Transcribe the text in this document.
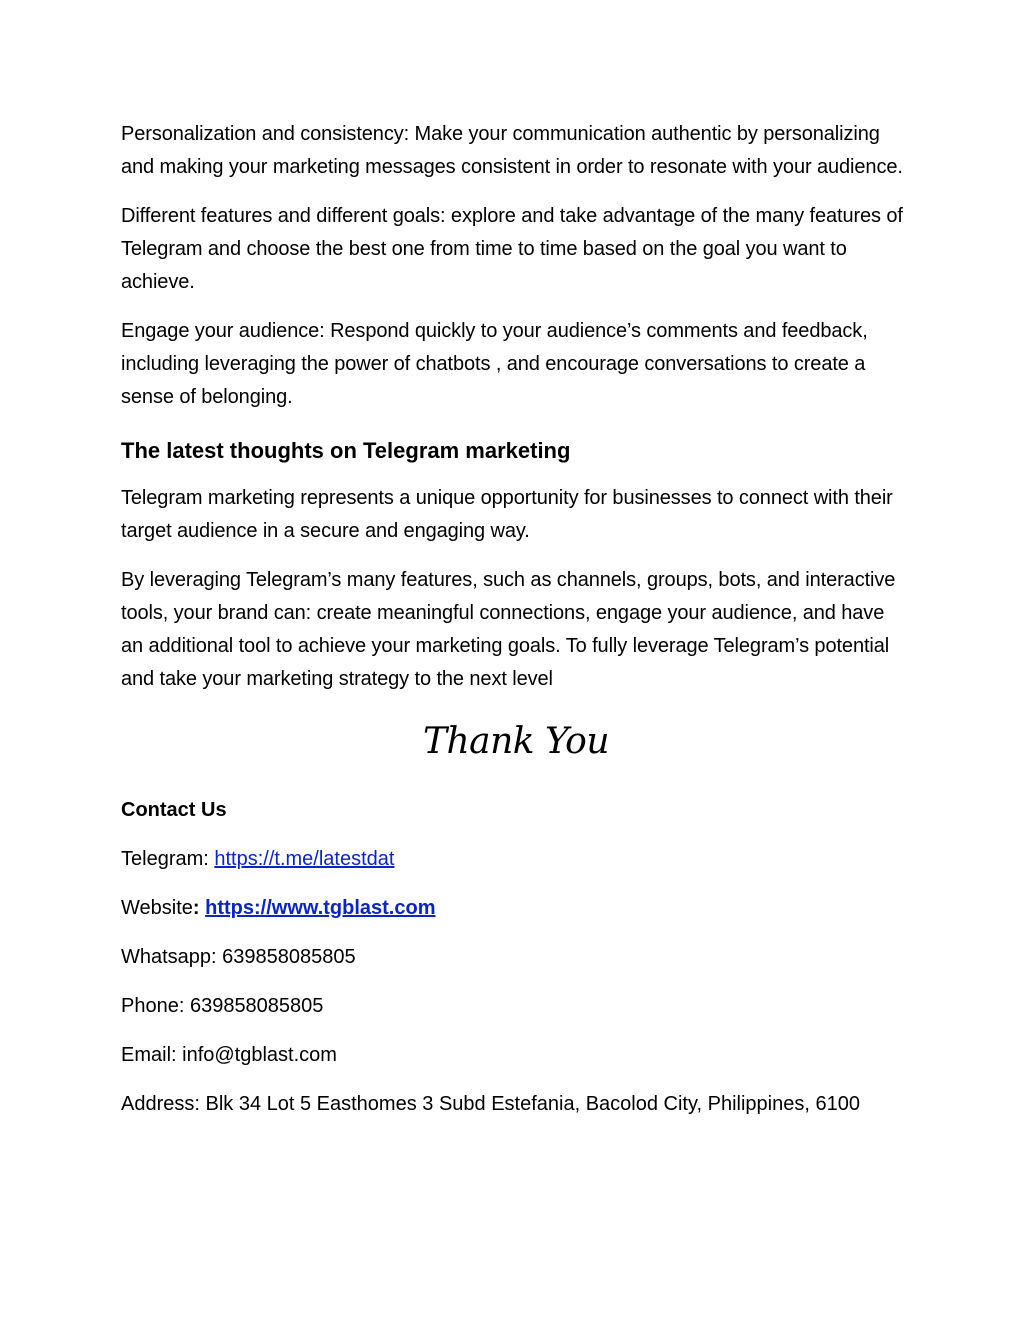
Personalization and consistency: Make your communication authentic by personalizing and making your marketing messages consistent in order to resonate with your audience.

Different features and different goals: explore and take advantage of the many features of Telegram and choose the best one from time to time based on the goal you want to achieve.

Engage your audience: Respond quickly to your audience’s comments and feedback, including leveraging the power of chatbots , and encourage conversations to create a sense of belonging.

The latest thoughts on Telegram marketing

Telegram marketing represents a unique opportunity for businesses to connect with their target audience in a secure and engaging way.

By leveraging Telegram’s many features, such as channels, groups, bots, and interactive tools, your brand can: create meaningful connections, engage your audience, and have an additional tool to achieve your marketing goals. To fully leverage Telegram’s potential and take your marketing strategy to the next level

Thank You
Contact Us
Telegram: https://t.me/latestdat
Website: https://www.tgblast.com
Whatsapp: 639858085805
Phone: 639858085805
Email: info@tgblast.com
Address: Blk 34 Lot 5 Easthomes 3 Subd Estefania, Bacolod City, Philippines, 6100
